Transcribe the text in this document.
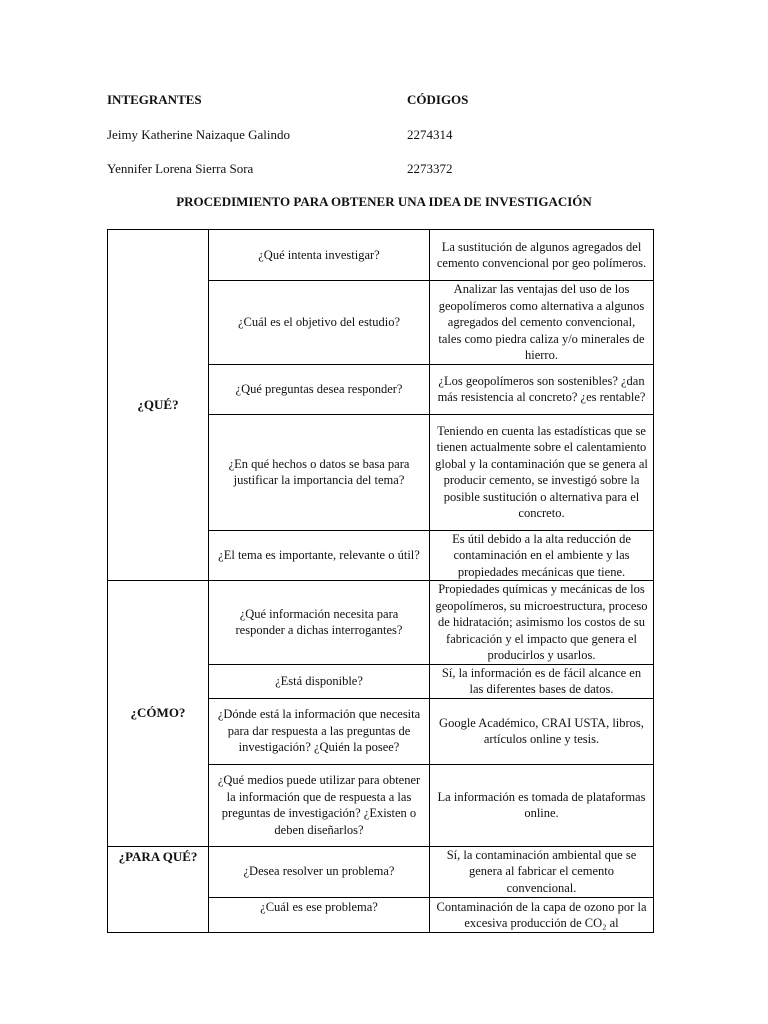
INTEGRANTES	CÓDIGOS
Jeimy Katherine Naizaque Galindo	2274314
Yennifer Lorena Sierra Sora	2273372
PROCEDIMIENTO PARA OBTENER UNA IDEA DE INVESTIGACIÓN
¿QUÉ?	¿Qué intenta investigar?	La sustitución de algunos agregados del cemento convencional por geo polímeros.
	¿Cuál es el objetivo del estudio?	Analizar las ventajas del uso de los geopolímeros como alternativa a algunos agregados del cemento convencional, tales como piedra caliza y/o minerales de hierro.
	¿Qué preguntas desea responder?	¿Los geopolímeros son sostenibles? ¿dan más resistencia al concreto? ¿es rentable?
	¿En qué hechos o datos se basa para justificar la importancia del tema?	Teniendo en cuenta las estadísticas que se tienen actualmente sobre el calentamiento global y la contaminación que se genera al producir cemento, se investigó sobre la posible sustitución o alternativa para el concreto.
	¿El tema es importante, relevante o útil?	Es útil debido a la alta reducción de contaminación en el ambiente y las propiedades mecánicas que tiene.
¿CÓMO?	¿Qué información necesita para responder a dichas interrogantes?	Propiedades químicas y mecánicas de los geopolímeros, su microestructura, proceso de hidratación; asimismo los costos de su fabricación y el impacto que genera el producirlos y usarlos.
	¿Está disponible?	Sí, la información es de fácil alcance en las diferentes bases de datos.
	¿Dónde está la información que necesita para dar respuesta a las preguntas de investigación? ¿Quién la posee?	Google Académico, CRAI USTA, libros, artículos online y tesis.
	¿Qué medios puede utilizar para obtener la información que de respuesta a las preguntas de investigación? ¿Existen o deben diseñarlos?	La información es tomada de plataformas online.
¿PARA QUÉ?	¿Desea resolver un problema?	Sí, la contaminación ambiental que se genera al fabricar el cemento convencional.
	¿Cuál es ese problema?	Contaminación de la capa de ozono por la excesiva producción de CO₂ al
